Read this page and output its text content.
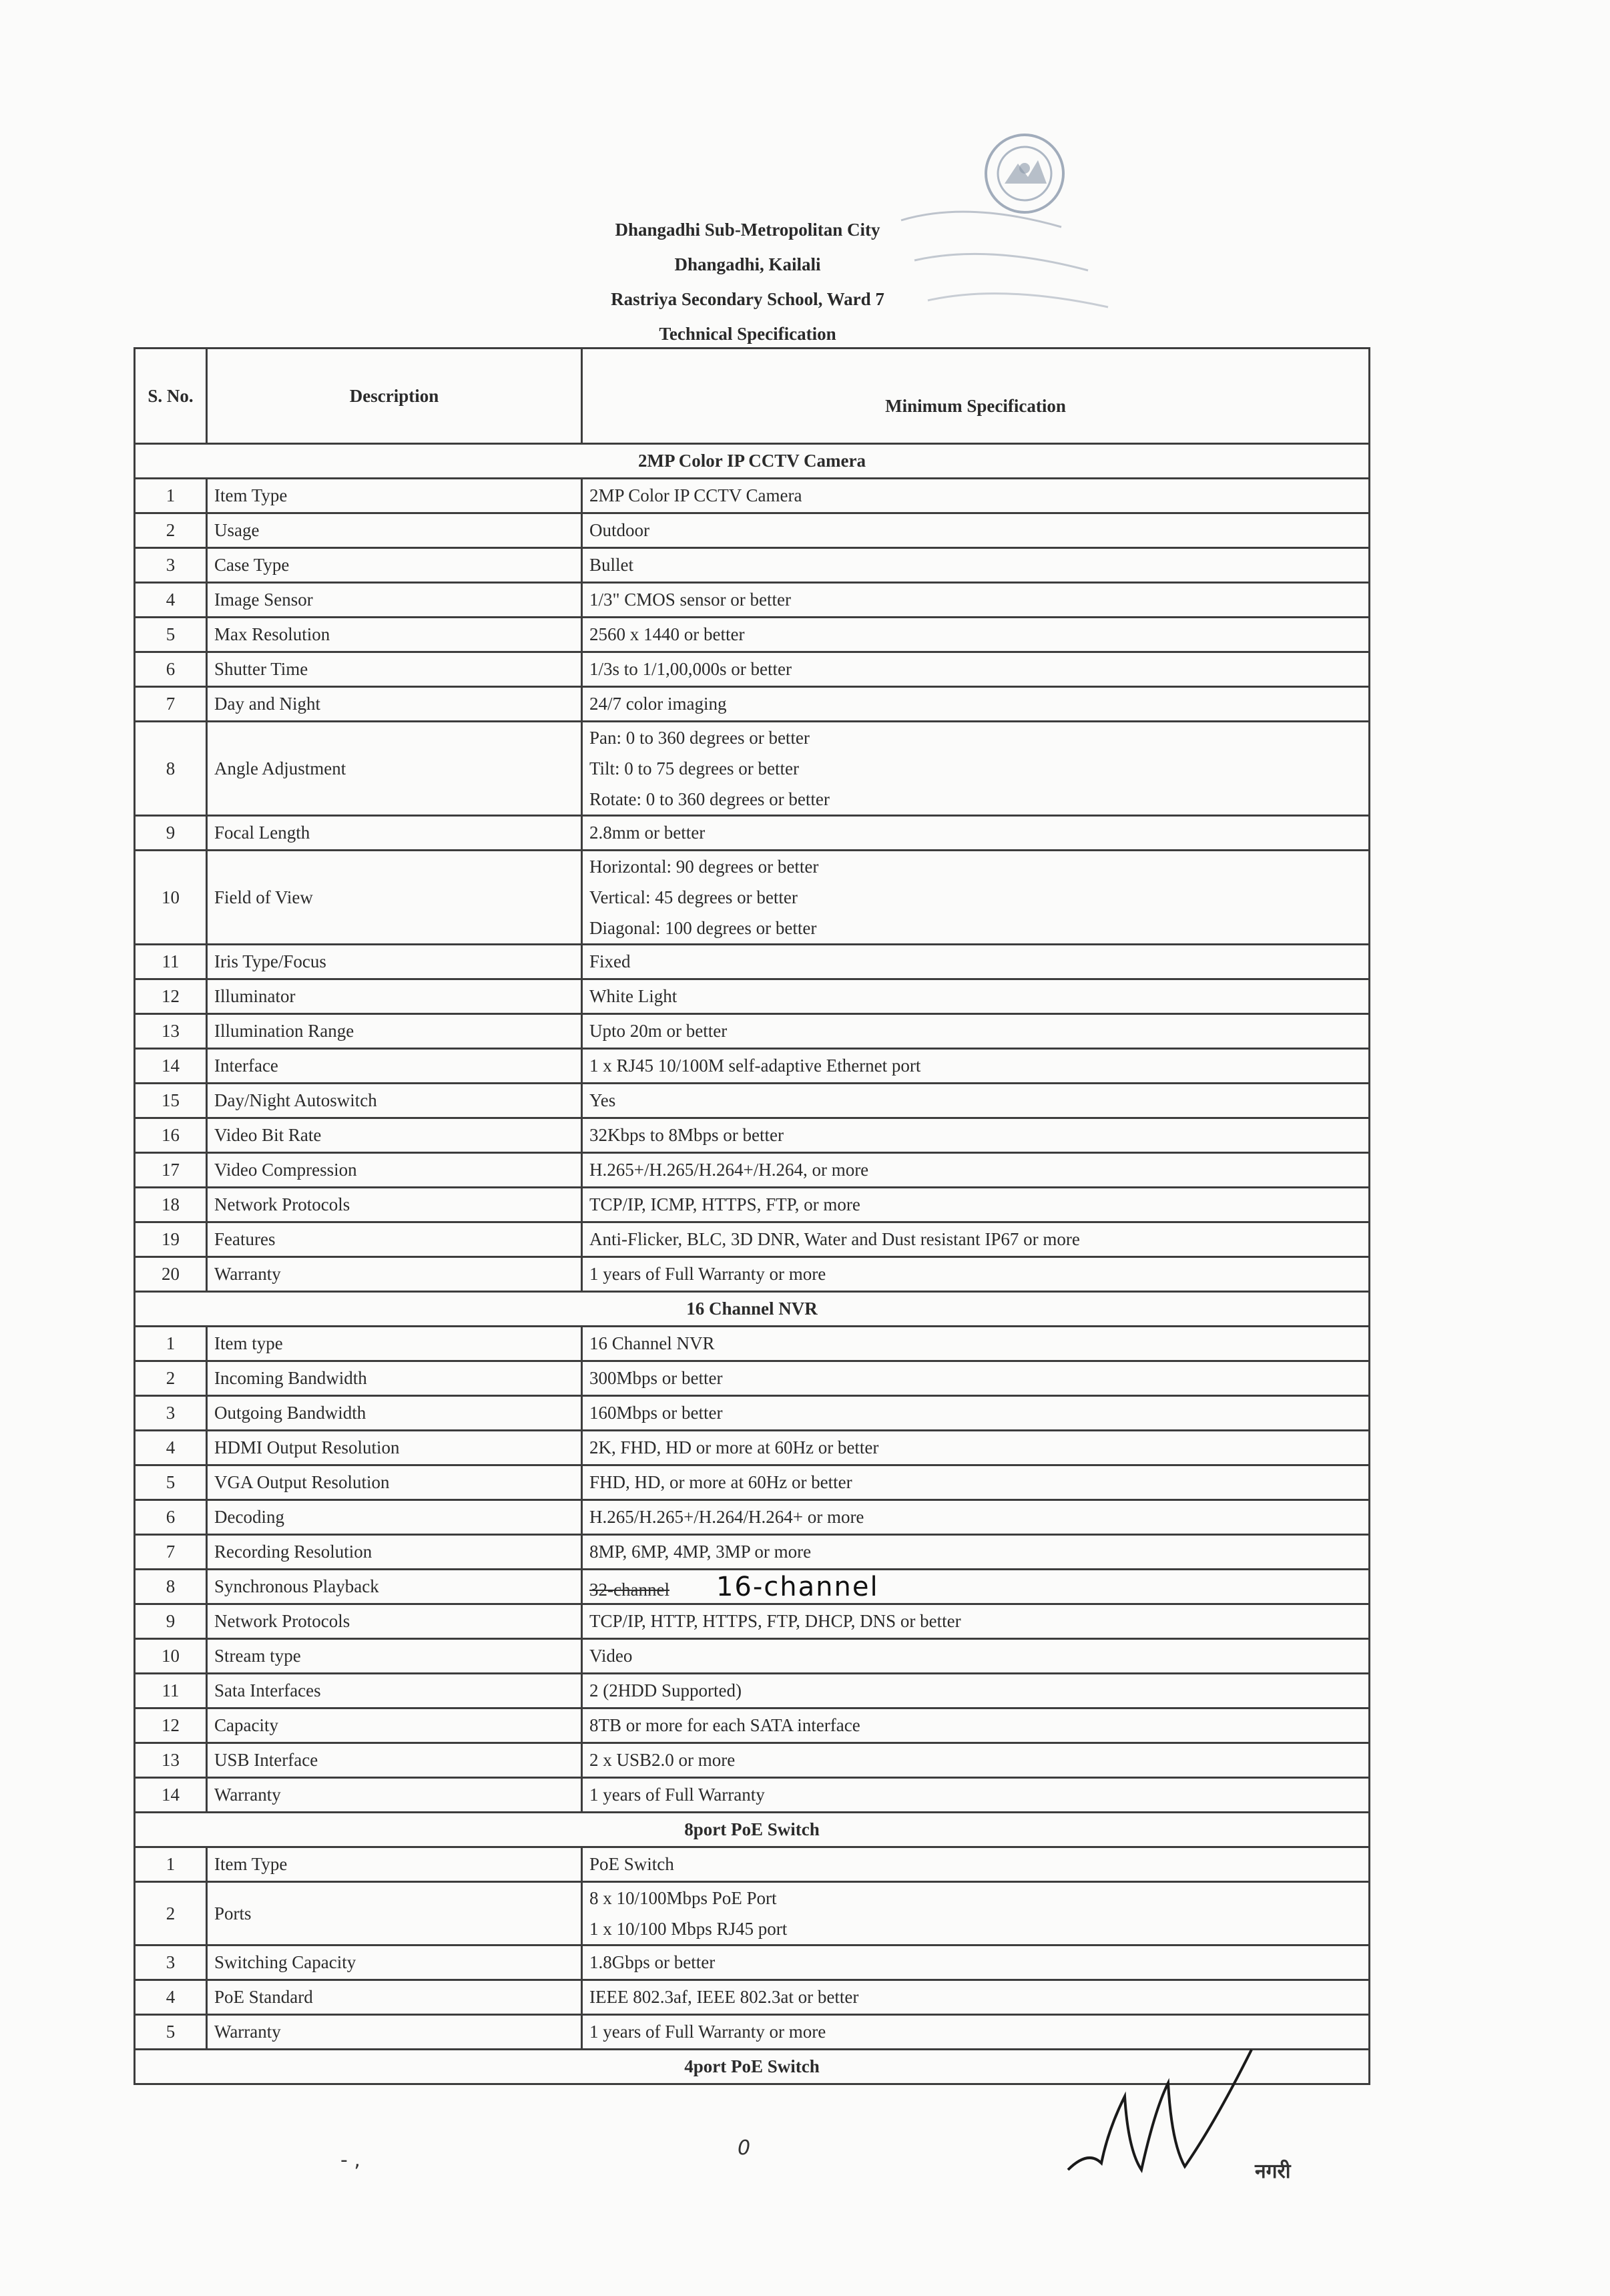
Dhangadhi Sub-Metropolitan City
Dhangadhi, Kailali
Rastriya Secondary School, Ward 7
Technical Specification
S. No.	Description	Minimum Specification
2MP Color IP CCTV Camera		
1	Item Type	2MP Color IP CCTV Camera
2	Usage	Outdoor
3	Case Type	Bullet
4	Image Sensor	1/3" CMOS sensor or better
5	Max Resolution	2560 x 1440 or better
6	Shutter Time	1/3s to 1/1,00,000s or better
7	Day and Night	24/7 color imaging
8	Angle Adjustment	Pan: 0 to 360 degrees or better
Tilt: 0 to 75 degrees or better
Rotate: 0 to 360 degrees or better

9	Focal Length	2.8mm or better
10	Field of View	Horizontal: 90 degrees or better
Vertical: 45 degrees or better
Diagonal: 100 degrees or better

11	Iris Type/Focus	Fixed
12	Illuminator	White Light
13	Illumination Range	Upto 20m or better
14	Interface	1 x RJ45 10/100M self-adaptive Ethernet port
15	Day/Night Autoswitch	Yes
16	Video Bit Rate	32Kbps to 8Mbps or better
17	Video Compression	H.265+/H.265/H.264+/H.264, or more
18	Network Protocols	TCP/IP, ICMP, HTTPS, FTP, or more
19	Features	Anti-Flicker, BLC, 3D DNR, Water and Dust resistant IP67 or more
20	Warranty	1 years of Full Warranty or more
16 Channel NVR		
1	Item type	16 Channel NVR
2	Incoming Bandwidth	300Mbps or better
3	Outgoing Bandwidth	160Mbps or better
4	HDMI Output Resolution	2K, FHD, HD or more at 60Hz or better
5	VGA Output Resolution	FHD, HD, or more at 60Hz or better
6	Decoding	H.265/H.265+/H.264/H.264+ or more
7	Recording Resolution	8MP, 6MP, 4MP, 3MP or more
8	Synchronous Playback	32-channel 16-channel
9	Network Protocols	TCP/IP, HTTP, HTTPS, FTP, DHCP, DNS or better
10	Stream type	Video
11	Sata Interfaces	2 (2HDD Supported)
12	Capacity	8TB or more for each SATA interface
13	USB Interface	2 x USB2.0 or more
14	Warranty	1 years of Full Warranty
8port PoE Switch		
1	Item Type	PoE Switch
2	Ports	8 x 10/100Mbps PoE Port
1 x 10/100 Mbps RJ45 port

3	Switching Capacity	1.8Gbps or better
4	PoE Standard	IEEE 802.3af, IEEE 802.3at or better
5	Warranty	1 years of Full Warranty or more
4port PoE Switch		
- ,
0
नगरी
